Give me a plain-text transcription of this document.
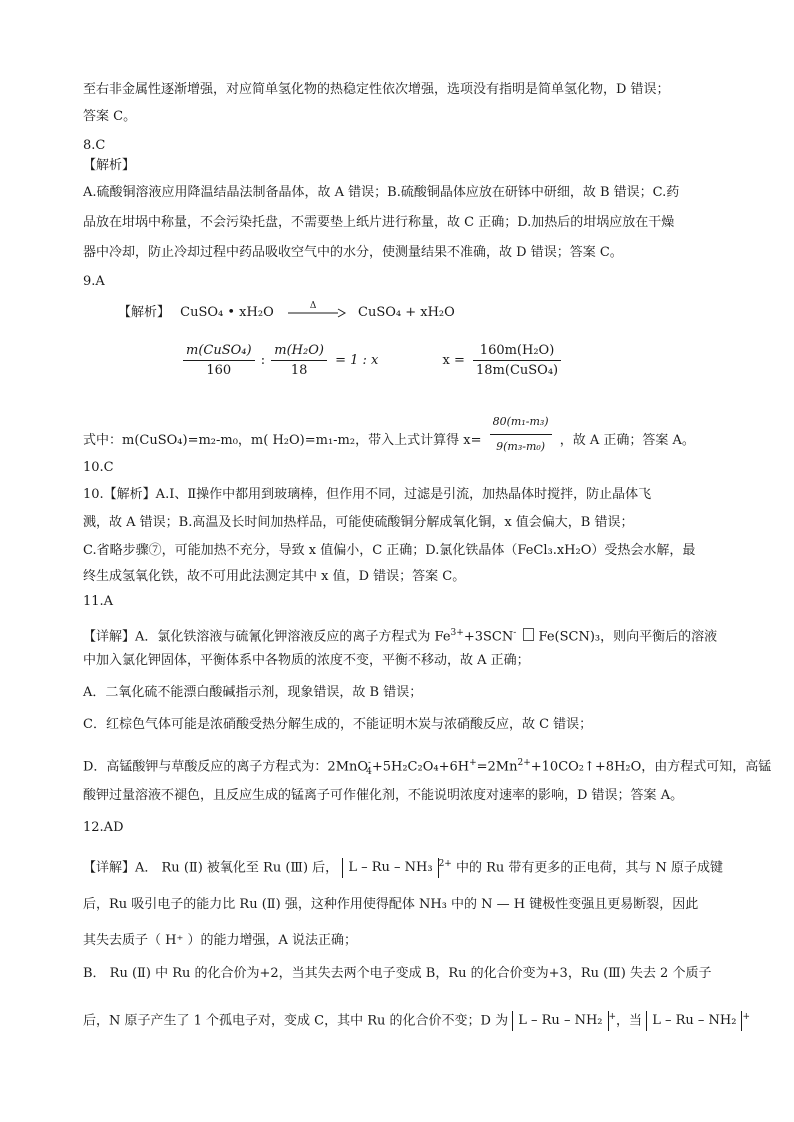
至右非金属性逐渐增强，对应简单氢化物的热稳定性依次增强，选项没有指明是简单氢化物，D 错误；
答案 C。
8.C
【解析】
A.硫酸铜溶液应用降温结晶法制备晶体，故 A 错误；B.硫酸铜晶体应放在研钵中研细，故 B 错误；C.药
品放在坩埚中称量，不会污染托盘，不需要垫上纸片进行称量，故 C 正确；D.加热后的坩埚应放在干燥
器中冷却，防止冷却过程中药品吸收空气中的水分，使测量结果不准确，故 D 错误；答案 C。
9.A
【解析】 CuSO₄ • xH₂O	Δ	CuSO₄ + xH₂O
$\frac{\text{m(CuSO₄)}}{160}$ : $\frac{\text{m(H₂O)}}{18} = 1$ : x	$x = \frac{\text{160m(H₂O)}}{\text{18m(CuSO₄)}}$
式中：m(CuSO₄)=m₂-m₀，m( H₂O)=m₁-m₂，带入上式计算得 $x= \frac{\text{80(m₁-m₃)}}{\text{9(m₃-m₀)}}$ ，故 A 正确；答案 A。
10.C
10.【解析】A.Ⅰ、Ⅱ操作中都用到玻璃棒，但作用不同，过滤是引流，加热晶体时搅拌，防止晶体飞
溅，故 A 错误；B.高温及长时间加热样品，可能使硫酸铜分解成氧化铜，x 值会偏大，B 错误；
C.省略步骤⑦，可能加热不充分，导致 x 值偏小，C 正确；D.氯化铁晶体（FeCl₃.xH₂O）受热会水解，最
终生成氢氧化铁，故不可用此法测定其中 x 值，D 错误；答案 C。
11.A
【详解】A．氯化铁溶液与硫氰化钾溶液反应的离子方程式为 $Fe^{3+}+3SCN^-$  Fe(SCN)₃，则向平衡后的溶液
中加入氯化钾固体，平衡体系中各物质的浓度不变，平衡不移动，故 A 正确；
A．二氧化硫不能漂白酸碱指示剂，现象错误，故 B 错误；
C．红棕色气体可能是浓硝酸受热分解生成的，不能证明木炭与浓硝酸反应，故 C 错误；
D．高锰酸钾与草酸反应的离子方程式为：$2MnO^-_4+5H_2C_2O_4+6H^+=2Mn^{2+}+10CO_2↑+8H_2O$，由方程式可知，高锰
酸钾过量溶液不褪色，且反应生成的锰离子可作催化剂，不能说明浓度对速率的影响，D 错误；答案 A。
12.AD
【详解】A． Ru (Ⅱ) 被氧化至 Ru (Ⅲ) 后， L – Ru – NH₃ $^{2+}$ 中的 Ru 带有更多的正电荷，其与 N 原子成键
后，Ru 吸引电子的能力比 Ru (Ⅱ) 强，这种作用使得配体 NH₃ 中的 N — H 键极性变强且更易断裂，因此
其失去质子（ H⁺ ）的能力增强，A 说法正确；
B． Ru (Ⅱ) 中 Ru 的化合价为+2，当其失去两个电子变成 B，Ru 的化合价变为+3，Ru (Ⅲ) 失去 2 个质子
后，N 原子产生了 1 个孤电子对，变成 C，其中 Ru 的化合价不变；D 为 L – Ru – NH₂ +，当 L – Ru – NH₂ +
